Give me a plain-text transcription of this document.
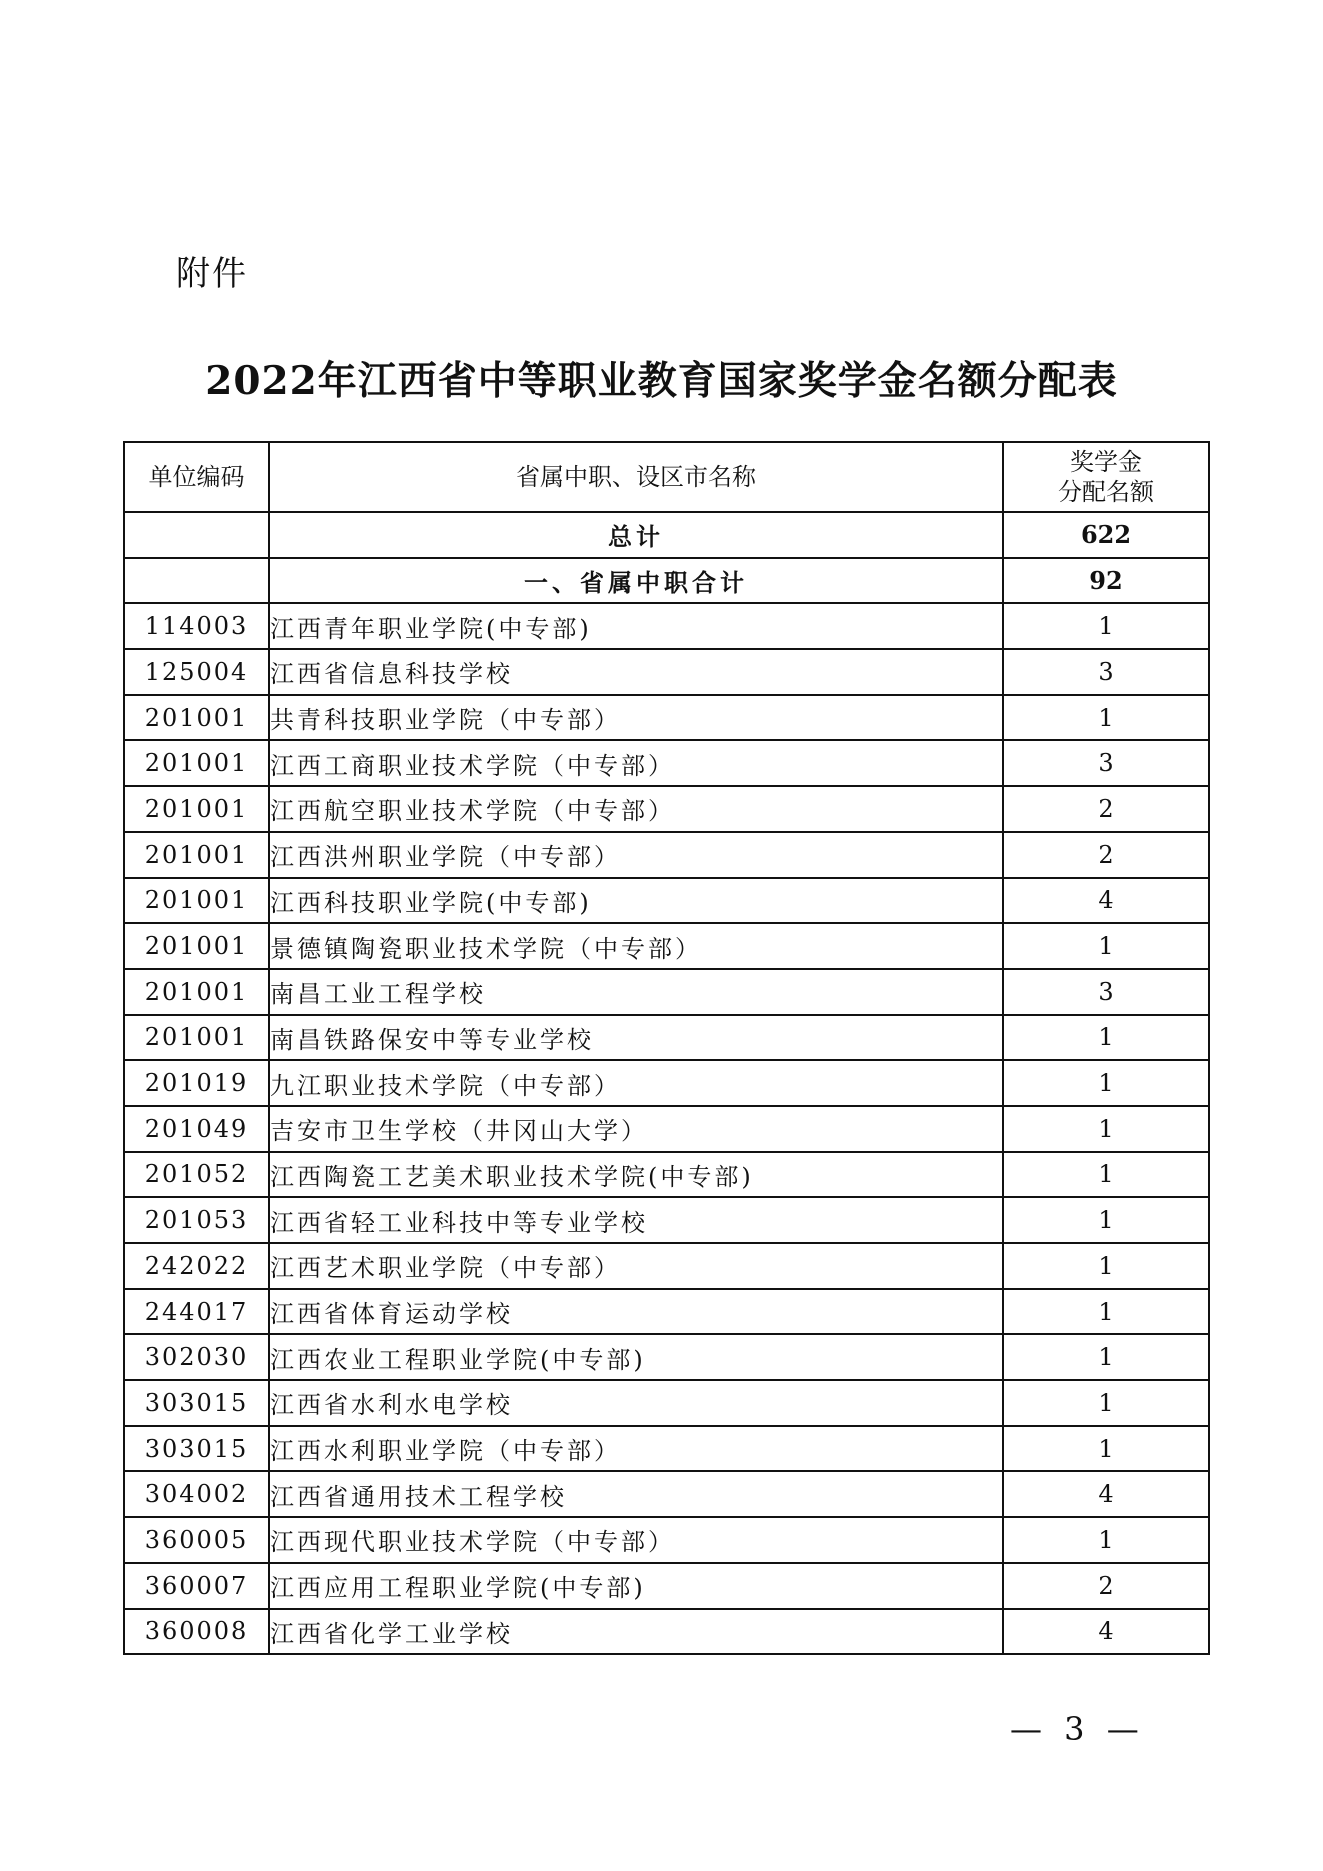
附件
2022年江西省中等职业教育国家奖学金名额分配表
单位编码	省属中职、设区市名称	奖学金
分配名额

	总计	622
	一、省属中职合计	92
114003	江西青年职业学院(中专部)	1
125004	江西省信息科技学校	3
201001	共青科技职业学院（中专部）	1
201001	江西工商职业技术学院（中专部）	3
201001	江西航空职业技术学院（中专部）	2
201001	江西洪州职业学院（中专部）	2
201001	江西科技职业学院(中专部)	4
201001	景德镇陶瓷职业技术学院（中专部）	1
201001	南昌工业工程学校	3
201001	南昌铁路保安中等专业学校	1
201019	九江职业技术学院（中专部）	1
201049	吉安市卫生学校（井冈山大学）	1
201052	江西陶瓷工艺美术职业技术学院(中专部)	1
201053	江西省轻工业科技中等专业学校	1
242022	江西艺术职业学院（中专部）	1
244017	江西省体育运动学校	1
302030	江西农业工程职业学院(中专部)	1
303015	江西省水利水电学校	1
303015	江西水利职业学院（中专部）	1
304002	江西省通用技术工程学校	4
360005	江西现代职业技术学院（中专部）	1
360007	江西应用工程职业学院(中专部)	2
360008	江西省化学工业学校	4
— 3 —
